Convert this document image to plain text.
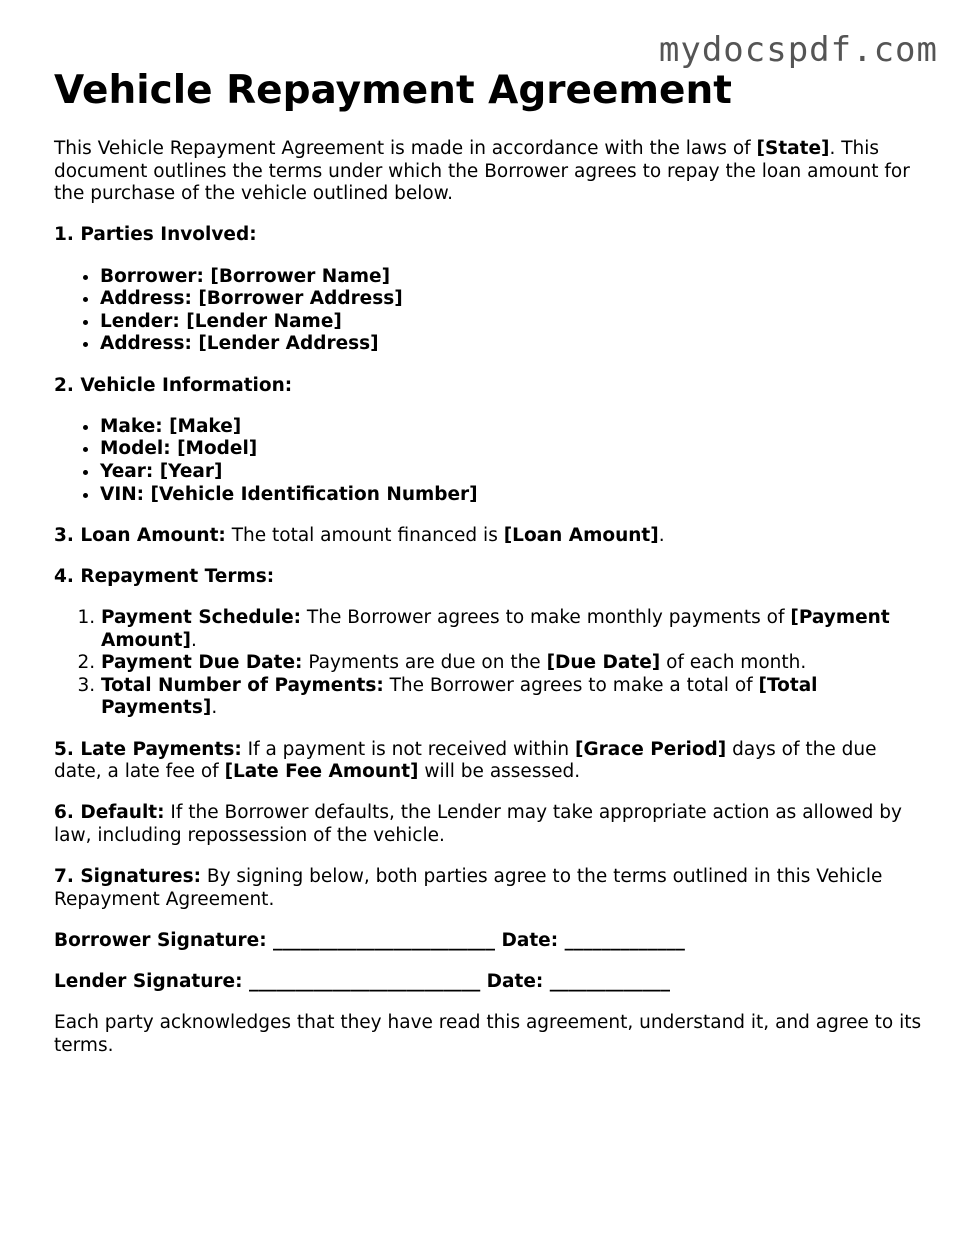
mydocspdf.com
Vehicle Repayment Agreement

This Vehicle Repayment Agreement is made in accordance with the laws of [State]. This document outlines the terms under which the Borrower agrees to repay the loan amount for the purchase of the vehicle outlined below.

1. Parties Involved:

• Borrower: [Borrower Name]
• Address: [Borrower Address]
• Lender: [Lender Name]
• Address: [Lender Address]

2. Vehicle Information:

• Make: [Make]
• Model: [Model]
• Year: [Year]
• VIN: [Vehicle Identification Number]

3. Loan Amount: The total amount financed is [Loan Amount].

4. Repayment Terms:

1. Payment Schedule: The Borrower agrees to make monthly payments of [Payment Amount].
2. Payment Due Date: Payments are due on the [Due Date] of each month.
3. Total Number of Payments: The Borrower agrees to make a total of [Total Payments].

5. Late Payments: If a payment is not received within [Grace Period] days of the due date, a late fee of [Late Fee Amount] will be assessed.

6. Default: If the Borrower defaults, the Lender may take appropriate action as allowed by law, including repossession of the vehicle.

7. Signatures: By signing below, both parties agree to the terms outlined in this Vehicle Repayment Agreement.

Borrower Signature: ________________________ Date: _____________

Lender Signature: _________________________ Date: _____________

Each party acknowledges that they have read this agreement, understand it, and agree to its terms.
